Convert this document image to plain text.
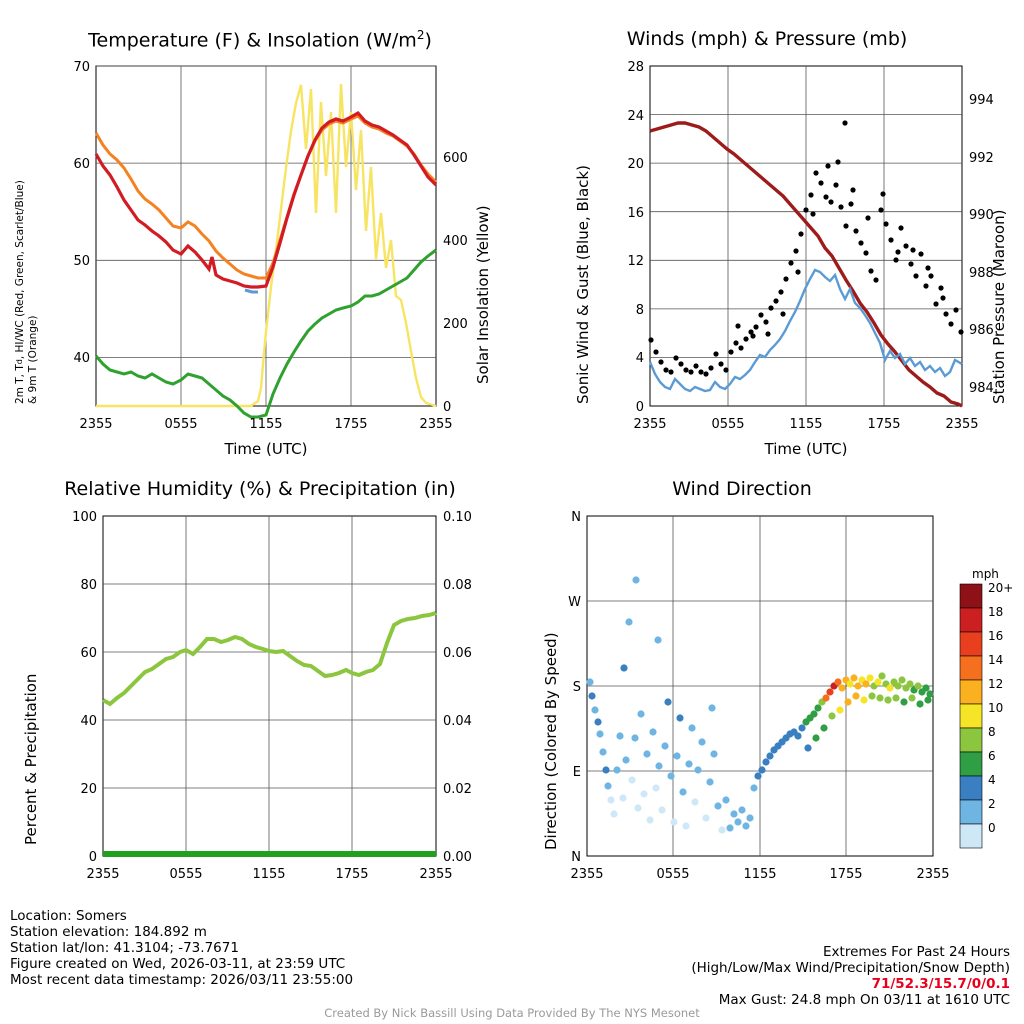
Temperature (F) & Insolation $(W/m^2)$
2m T, Td, HI/WC (Red, Green, Scarlet/Blue)
& 9m T (Orange)	Solar Insolation (Yellow)
40
50
60
70
0
200
400
600
2355	0555	1155	1755	2355
Time (UTC)
Winds (mph) & Pressure (mb)
Sonic Wind & Gust (Blue, Black)	Station Pressure (Maroon)
0
4
8
12
16
20
24
28
984
986
988
990
992
994
2355	0555	1155	1755	2355
Time (UTC)
Relative Humidity (%) & Precipitation (in)
Percent & Precipitation
0
20
40
60
80
100
0.00
0.02
0.04
0.06
0.08
0.10
2355	0555	1155	1755	2355
Wind Direction
Direction (Colored By Speed)
N
W
S
E
N
2355	0555	1155	1755	2355
mph
20+
18
16
14
12
10
8
6
4
2
0
Location: Somers
Station elevation: 184.892 m
Station lat/lon: 41.3104; -73.7671
Figure created on Wed, 2026-03-11, at 23:59 UTC
Most recent data timestamp: 2026/03/11 23:55:00
Extremes For Past 24 Hours
(High/Low/Max Wind/Precipitation/Snow Depth)
71/52.3/15.7/0/0.1
Max Gust: 24.8 mph On 03/11 at 1610 UTC
Created By Nick Bassill Using Data Provided By The NYS Mesonet
